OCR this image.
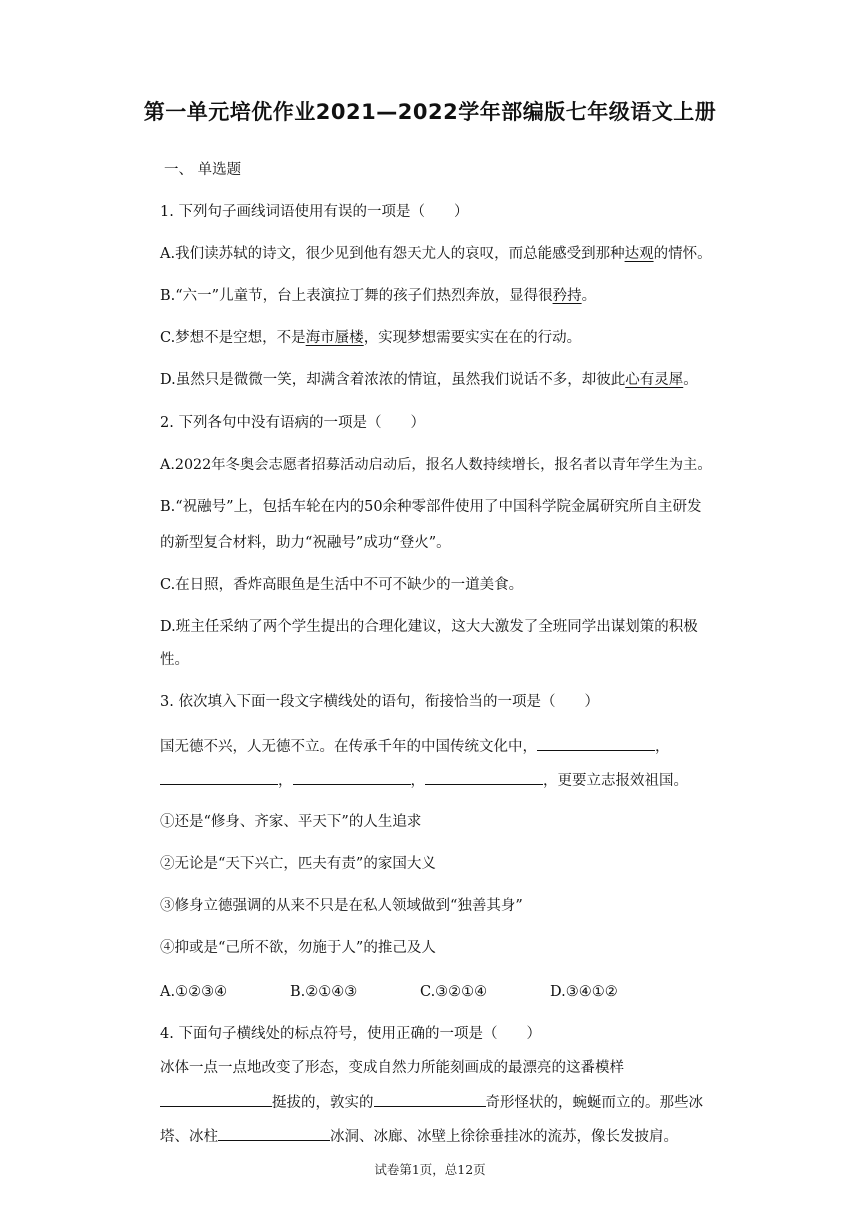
第一单元培优作业2021—2022学年部编版七年级语文上册
一、 单选题
1. 下列句子画线词语使用有误的一项是（　　）
A.我们读苏轼的诗文，很少见到他有怨天尤人的哀叹，而总能感受到那种达观的情怀。
B.“六一”儿童节，台上表演拉丁舞的孩子们热烈奔放，显得很矜持。
C.梦想不是空想，不是海市蜃楼，实现梦想需要实实在在的行动。
D.虽然只是微微一笑，却满含着浓浓的情谊，虽然我们说话不多，却彼此心有灵犀。
2. 下列各句中没有语病的一项是（　　）
A.2022年冬奥会志愿者招募活动启动后，报名人数持续增长，报名者以青年学生为主。
B.“祝融号”上，包括车轮在内的50余种零部件使用了中国科学院金属研究所自主研发
的新型复合材料，助力“祝融号”成功“登火”。
C.在日照，香炸高眼鱼是生活中不可不缺少的一道美食。
D.班主任采纳了两个学生提出的合理化建议，这大大激发了全班同学出谋划策的积极
性。
3. 依次填入下面一段文字横线处的语句，衔接恰当的一项是（　　）
国无德不兴，人无德不立。在传承千年的中国传统文化中，	，
，	，	，更要立志报效祖国。
①还是“修身、齐家、平天下”的人生追求
②无论是“天下兴亡，匹夫有责”的家国大义
③修身立德强调的从来不只是在私人领域做到“独善其身”
④抑或是“己所不欲，勿施于人”的推己及人
A.①②③④	B.②①④③	C.③②①④	D.③④①②
4. 下面句子横线处的标点符号，使用正确的一项是（　　）
冰体一点一点地改变了形态，变成自然力所能刻画成的最漂亮的这番模样
挺拔的，敦实的	奇形怪状的，蜿蜒而立的。那些冰
塔、冰柱	冰洞、冰廊、冰壁上徐徐垂挂冰的流苏，像长发披肩。
试卷第1页，总12页
